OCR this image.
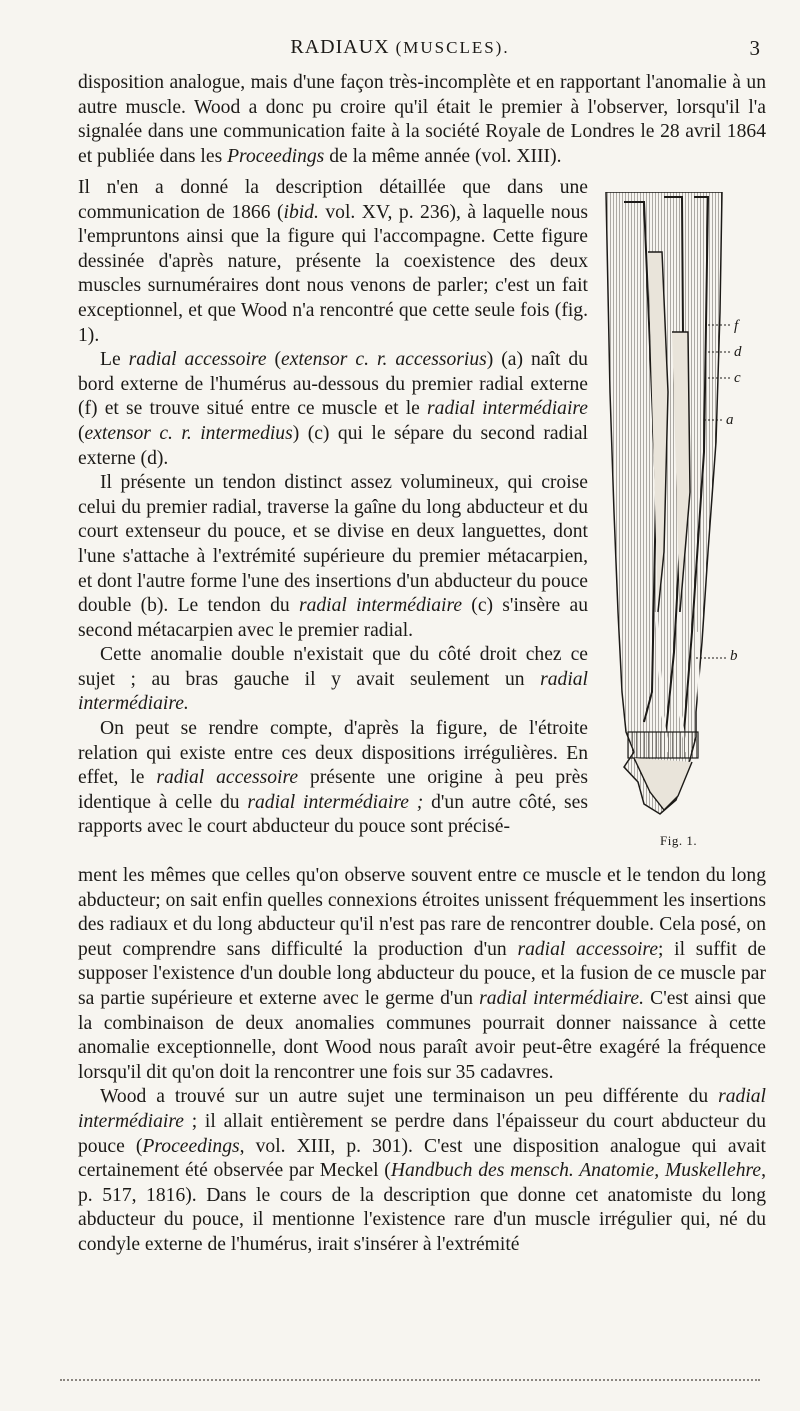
RADIAUX (MUSCLES).	3

disposition analogue, mais d'une façon très-incomplète et en rapportant l'anomalie à un autre muscle. Wood a donc pu croire qu'il était le premier à l'observer, lorsqu'il l'a signalée dans une communication faite à la société Royale de Londres le 28 avril 1864 et publiée dans les Proceedings de la même année (vol. XIII).

Il n'en a donné la description détaillée que dans une communication de 1866 (ibid. vol. XV, p. 236), à laquelle nous l'empruntons ainsi que la figure qui l'accompagne. Cette figure dessinée d'après nature, présente la coexistence des deux muscles surnuméraires dont nous venons de parler; c'est un fait exceptionnel, et que Wood n'a rencontré que cette seule fois (fig. 1).

Le radial accessoire (extensor c. r. accessorius) (a) naît du bord externe de l'humérus au-dessous du premier radial externe (f) et se trouve situé entre ce muscle et le radial intermédiaire (extensor c. r. intermedius) (c) qui le sépare du second radial externe (d).

Il présente un tendon distinct assez volumineux, qui croise celui du premier radial, traverse la gaîne du long abducteur et du court extenseur du pouce, et se divise en deux languettes, dont l'une s'attache à l'extrémité supérieure du premier métacarpien, et dont l'autre forme l'une des insertions d'un abducteur du pouce double (b). Le tendon du radial intermédiaire (c) s'insère au second métacarpien avec le premier radial.

Cette anomalie double n'existait que du côté droit chez ce sujet ; au bras gauche il y avait seulement un radial intermédiaire.

On peut se rendre compte, d'après la figure, de l'étroite relation qui existe entre ces deux dispositions irrégulières. En effet, le radial accessoire présente une origine à peu près identique à celle du radial intermédiaire ; d'un autre côté, ses rapports avec le court abducteur du pouce sont précisé-

f
d
c
a
b
Fig. 1.

ment les mêmes que celles qu'on observe souvent entre ce muscle et le tendon du long abducteur; on sait enfin quelles connexions étroites unissent fréquemment les insertions des radiaux et du long abducteur qu'il n'est pas rare de rencontrer double. Cela posé, on peut comprendre sans difficulté la production d'un radial accessoire; il suffit de supposer l'existence d'un double long abducteur du pouce, et la fusion de ce muscle par sa partie supérieure et externe avec le germe d'un radial intermédiaire. C'est ainsi que la combinaison de deux anomalies communes pourrait donner naissance à cette anomalie exceptionnelle, dont Wood nous paraît avoir peut-être exagéré la fréquence lorsqu'il dit qu'on doit la rencontrer une fois sur 35 cadavres.

Wood a trouvé sur un autre sujet une terminaison un peu différente du radial intermédiaire ; il allait entièrement se perdre dans l'épaisseur du court abducteur du pouce (Proceedings, vol. XIII, p. 301). C'est une disposition analogue qui avait certainement été observée par Meckel (Handbuch des mensch. Anatomie, Muskellehre, p. 517, 1816). Dans le cours de la description que donne cet anatomiste du long abducteur du pouce, il mentionne l'existence rare d'un muscle irrégulier qui, né du condyle externe de l'humérus, irait s'insérer à l'extrémité
